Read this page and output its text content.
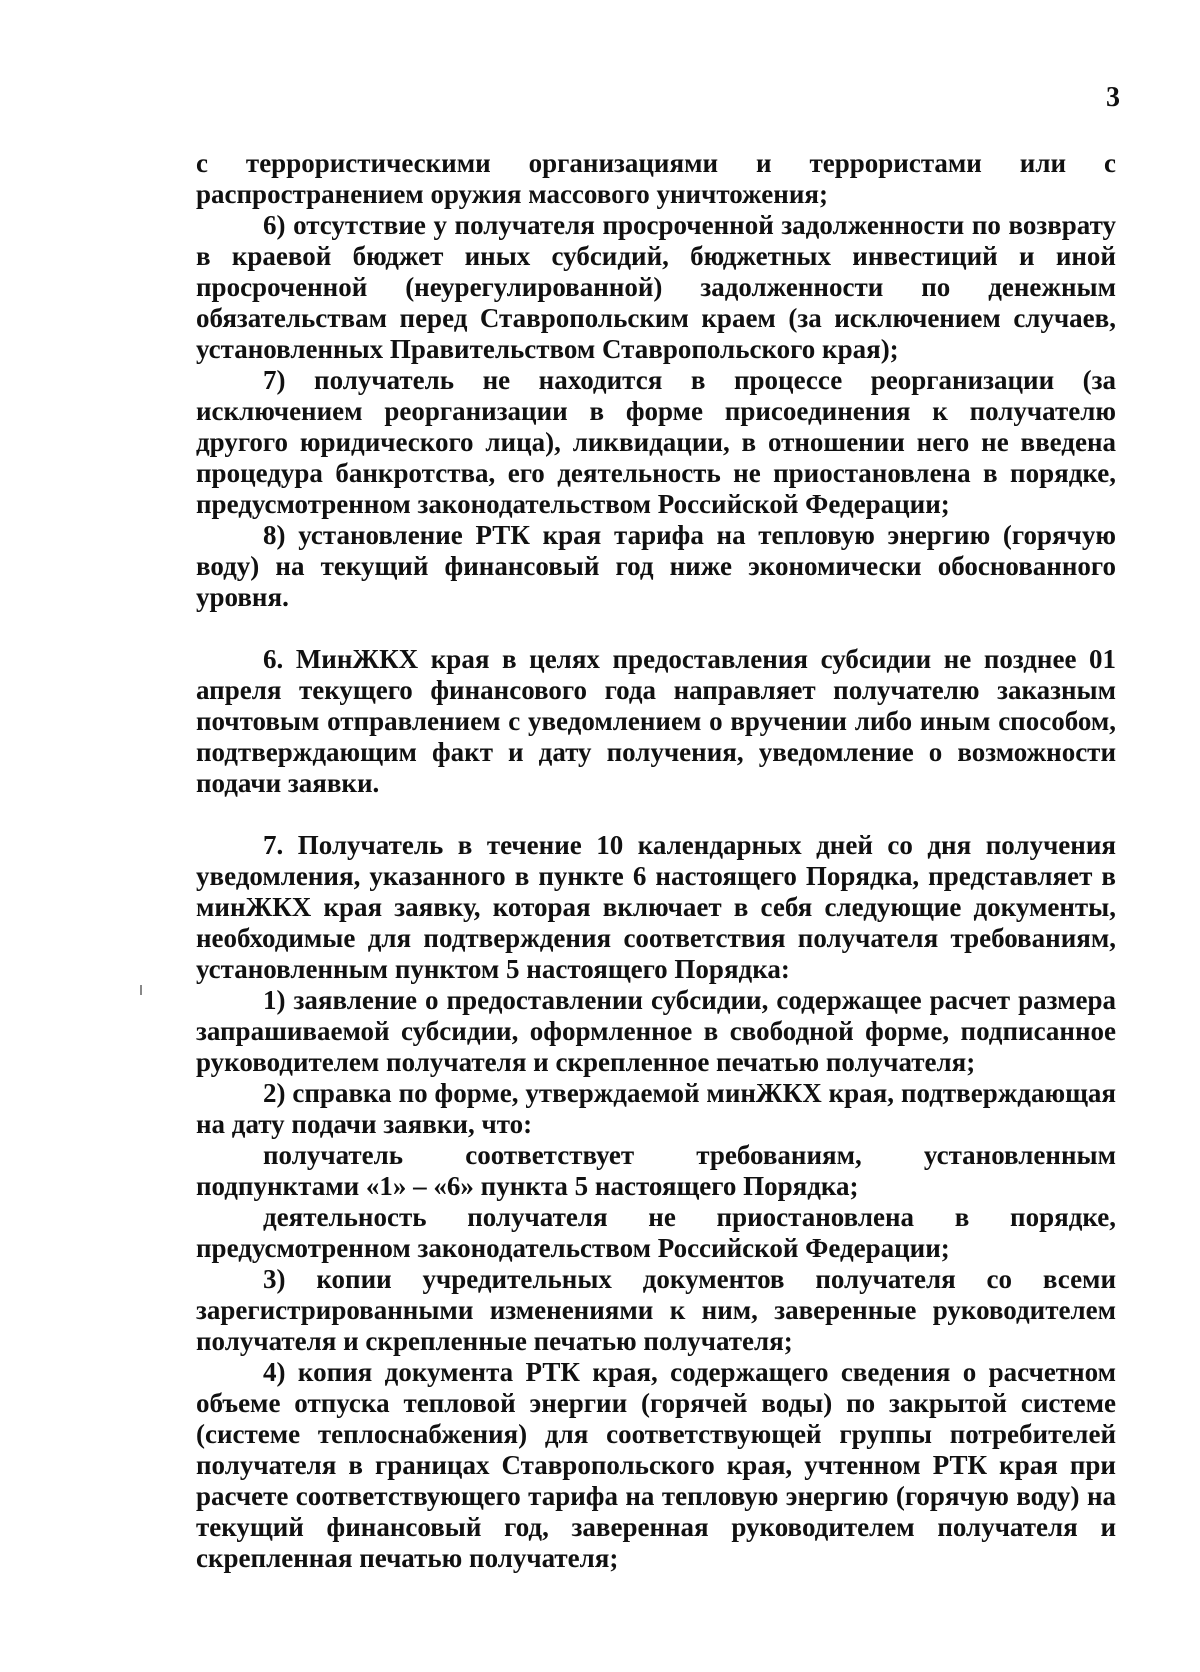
3

с террористическими организациями и террористами или с распространением оружия массового уничтожения;

6) отсутствие у получателя просроченной задолженности по возврату в краевой бюджет иных субсидий, бюджетных инвестиций и иной просроченной (неурегулированной) задолженности по денежным обязательствам перед Ставропольским краем (за исключением случаев, установленных Правительством Ставропольского края);

7) получатель не находится в процессе реорганизации (за исключением реорганизации в форме присоединения к получателю другого юридического лица), ликвидации, в отношении него не введена процедура банкротства, его деятельность не приостановлена в порядке, предусмотренном законодательством Российской Федерации;

8) установление РТК края тарифа на тепловую энергию (горячую воду) на текущий финансовый год ниже экономически обоснованного уровня.

6. МинЖКХ края в целях предоставления субсидии не позднее 01 апреля текущего финансового года направляет получателю заказным почтовым отправлением с уведомлением о вручении либо иным способом, подтверждающим факт и дату получения, уведомление о возможности подачи заявки.

7. Получатель в течение 10 календарных дней со дня получения уведомления, указанного в пункте 6 настоящего Порядка, представляет в минЖКХ края заявку, которая включает в себя следующие документы, необходимые для подтверждения соответствия получателя требованиям, установленным пунктом 5 настоящего Порядка:

1) заявление о предоставлении субсидии, содержащее расчет размера запрашиваемой субсидии, оформленное в свободной форме, подписанное руководителем получателя и скрепленное печатью получателя;

2) справка по форме, утверждаемой минЖКХ края, подтверждающая на дату подачи заявки, что:

получатель соответствует требованиям, установленным подпунктами «1» – «6» пункта 5 настоящего Порядка;

деятельность получателя не приостановлена в порядке, предусмотренном законодательством Российской Федерации;

3) копии учредительных документов получателя со всеми зарегистрированными изменениями к ним, заверенные руководителем получателя и скрепленные печатью получателя;

4) копия документа РТК края, содержащего сведения о расчетном объеме отпуска тепловой энергии (горячей воды) по закрытой системе (системе теплоснабжения) для соответствующей группы потребителей получателя в границах Ставропольского края, учтенном РТК края при расчете соответствующего тарифа на тепловую энергию (горячую воду) на текущий финансовый год, заверенная руководителем получателя и скрепленная печатью получателя;
